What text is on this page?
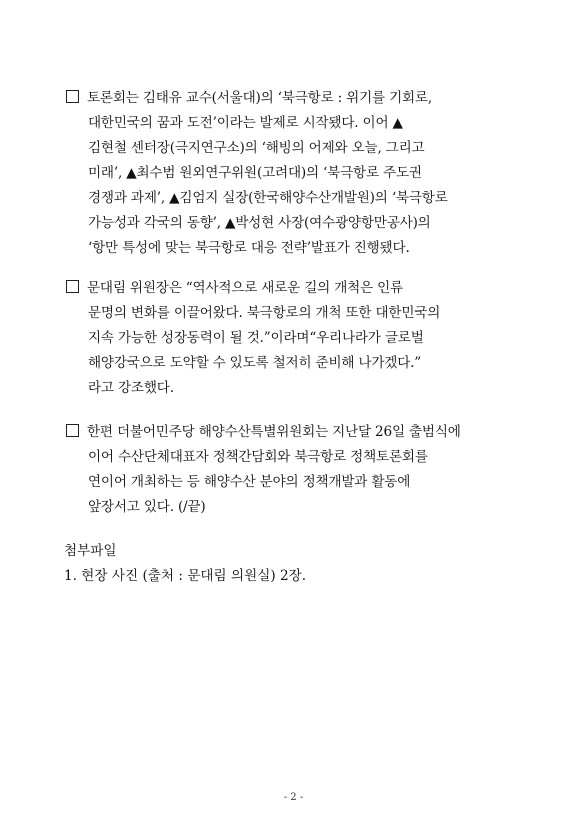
토론회는 김태유 교수(서울대)의 ‘북극항로 : 위기를 기회로,
대한민국의 꿈과 도전’이라는 발제로 시작됐다. 이어 ▲
김현철 센터장(극지연구소)의 ‘해빙의 어제와 오늘, 그리고
미래’, ▲최수범 원외연구위원(고려대)의 ‘북극항로 주도권
경쟁과 과제’, ▲김엄지 실장(한국해양수산개발원)의 ‘북극항로
가능성과 각국의 동향’, ▲박성현 사장(여수광양항만공사)의
‘항만 특성에 맞는 북극항로 대응 전략’발표가 진행됐다.
문대림 위원장은 “역사적으로 새로운 길의 개척은 인류
문명의 변화를 이끌어왔다. 북극항로의 개척 또한 대한민국의
지속 가능한 성장동력이 될 것.”이라며“우리나라가 글로벌
해양강국으로 도약할 수 있도록 철저히 준비해 나가겠다.”
라고 강조했다.
한편 더불어민주당 해양수산특별위원회는 지난달 26일 출범식에
이어 수산단체대표자 정책간담회와 북극항로 정책토론회를
연이어 개최하는 등 해양수산 분야의 정책개발과 활동에
앞장서고 있다. (/끝)
첨부파일
1. 현장 사진 (출처 : 문대림 의원실) 2장.
- 2 -
